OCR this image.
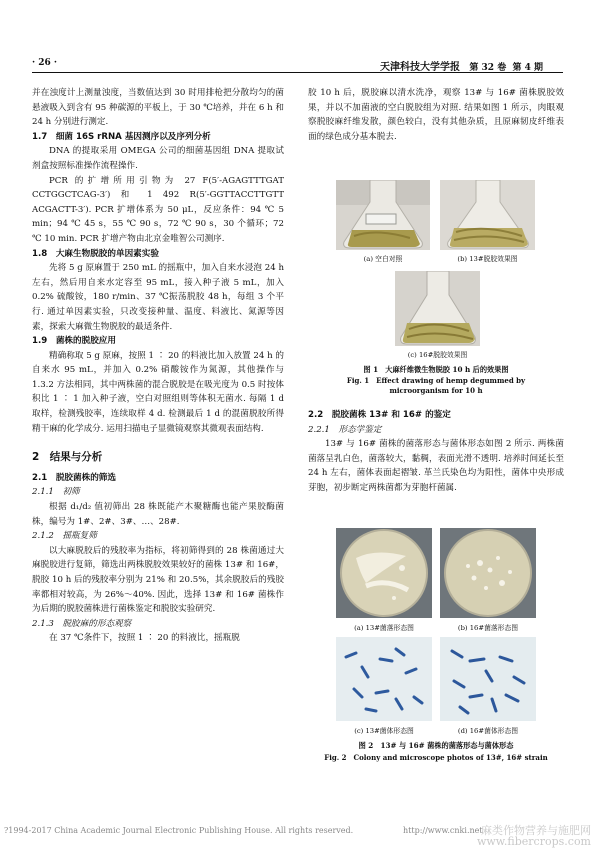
· 26 ·	天津科技大学学报 第 32 卷 第 4 期

并在浊度计上测量浊度，当数值达到 30 时用排枪把分散均匀的菌悬液吸入到含有 95 种碳源的平板上，于 30 ℃培养，并在 6 h 和 24 h 分别进行测定.

1.7　细菌 16S rRNA 基因测序以及序列分析

DNA 的提取采用 OMEGA 公司的细菌基因组 DNA 提取试剂盒按照标准操作流程操作.

PCR 的扩增所用引物为 27 F(5′-AGAGTTTGAT CCTGGCTCAG-3′) 和 1 492 R(5′-GGTTACCTTGTT ACGACTT-3′). PCR 扩增体系为 50 μL，反应条件：94 ℃ 5 min；94 ℃ 45 s，55 ℃ 90 s，72 ℃ 90 s，30 个循环；72 ℃ 10 min. PCR 扩增产物由北京金唯智公司测序.

1.8　大麻生物脱胶的单因素实验

先将 5 g 原麻置于 250 mL 的摇瓶中，加入自来水浸泡 24 h 左右，然后用自来水定容至 95 mL，接入种子液 5 mL，加入 0.2% 硫酸铵，180 r/min、37 ℃振荡脱胶 48 h，每组 3 个平行. 通过单因素实验，只改变接种量、温度、料液比、氮源等因素，探索大麻微生物脱胶的最适条件.

1.9　菌株的脱胶应用

精确称取 5 g 原麻，按照 1 ∶ 20 的料液比加入放置 24 h 的自来水 95 mL，并加入 0.2% 硝酸铵作为氮源，其他操作与 1.3.2 方法相同，其中两株菌的混合脱胶是在吸光度为 0.5 时按体积比 1 ∶ 1 加入种子液，空白对照组则等体积无菌水. 每隔 1 d 取样，检测残胶率，连续取样 4 d. 检测最后 1 d 的混菌脱胶所得精干麻的化学成分. 运用扫描电子显微镜观察其微观表面结构.

2　结果与分析

2.1　脱胶菌株的筛选

2.1.1　初筛

根据 d₁/d₂ 值初筛出 28 株既能产木聚糖酶也能产果胶酶菌株，编号为 1#、2#、3#、…、28#.

2.1.2　摇瓶复筛

以大麻脱胶后的残胶率为指标，将初筛得到的 28 株菌通过大麻脱胶进行复筛，筛选出两株脱胶效果较好的菌株 13# 和 16#，脱胶 10 h 后的残胶率分别为 21% 和 20.5%，其余脱胶后的残胶率都相对较高，为 26%～40%. 因此，选择 13# 和 16# 菌株作为后期的脱胶菌株进行菌株鉴定和脱胶实验研究.

2.1.3　脱胶麻的形态观察

在 37 ℃条件下，按照 1 ∶ 20 的料液比，摇瓶脱

胶 10 h 后，脱胶麻以清水洗净，观察 13# 与 16# 菌株脱胶效果，并以不加菌液的空白脱胶组为对照. 结果如图 1 所示，肉眼观察脱胶麻纤维发散，颜色较白，没有其他杂质，且原麻韧皮纤维表面的绿色成分基本脱去.

(a) 空白对照	(b) 13#脱胶效果图
(c) 16#脱胶效果图
图 1　大麻纤维微生物脱胶 10 h 后的效果图
Fig. 1　Effect drawing of hemp degummed by microorganism for 10 h

2.2　脱胶菌株 13# 和 16# 的鉴定

2.2.1　形态学鉴定

13# 与 16# 菌株的菌落形态与菌体形态如图 2 所示. 两株菌菌落呈乳白色，菌落较大，黏稠，表面光滑不透明. 培养时间延长至 24 h 左右，菌体表面起褶皱. 革兰氏染色均为阳性，菌体中央形成芽胞，初步断定两株菌都为芽胞杆菌属.

(a) 13#菌落形态图	(b) 16#菌落形态图
(c) 13#菌体形态图	(d) 16#菌体形态图
图 2　13# 与 16# 菌株的菌落形态与菌体形态
Fig. 2　Colony and microscope photos of 13#, 16# strain
?1994-2017 China Academic Journal Electronic Publishing House. All rights reserved.	http://www.cnki.net
麻类作物营养与施肥网
www.fibercrops.com
